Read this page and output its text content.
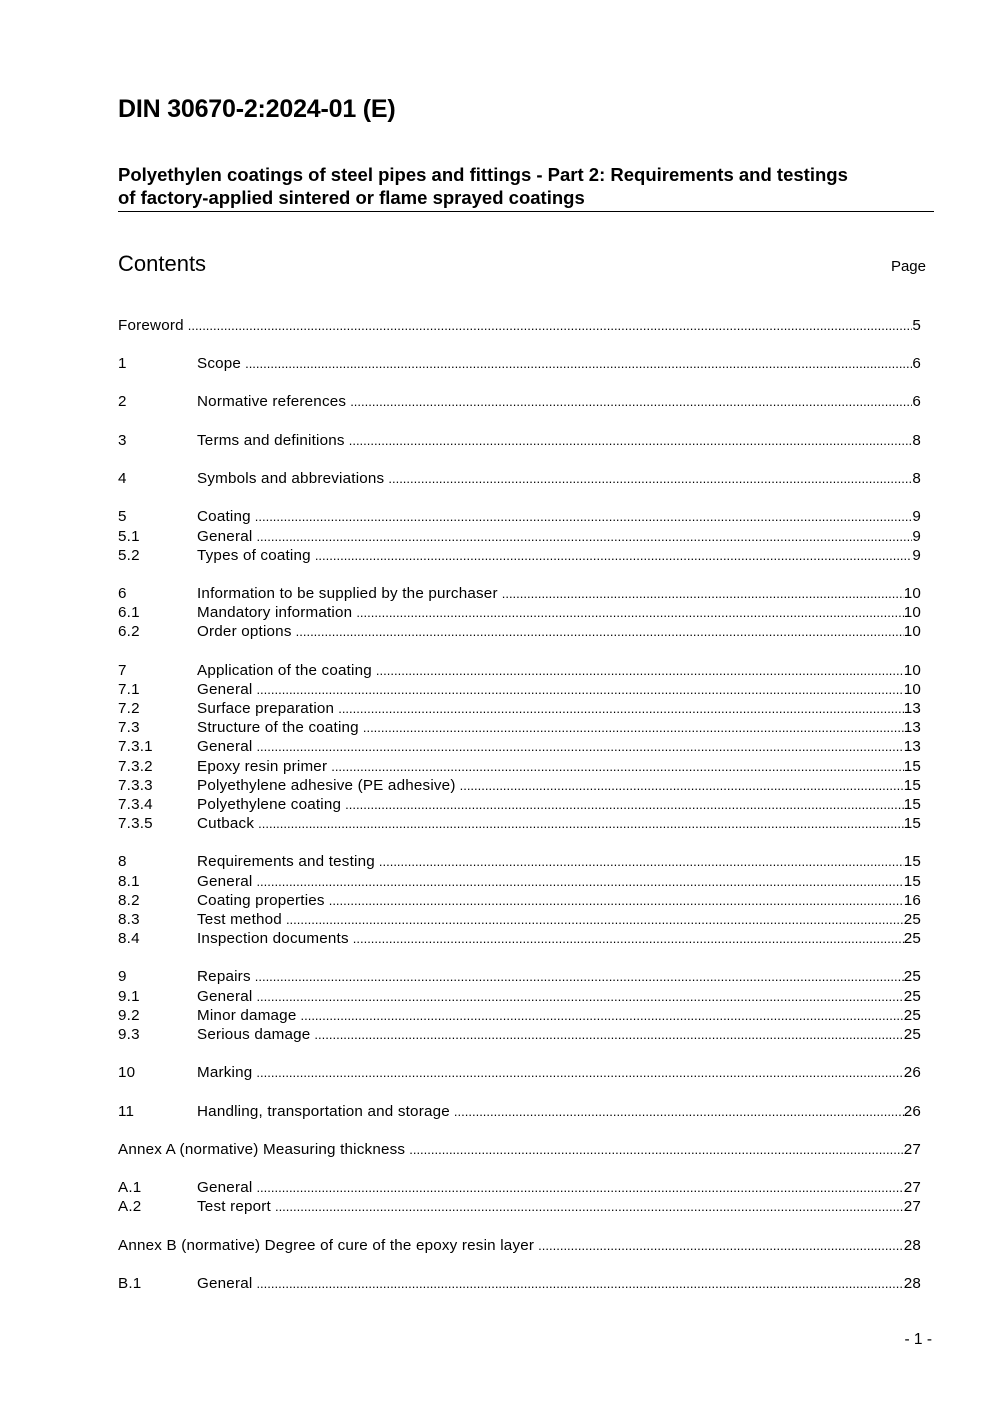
DIN 30670-2:2024-01 (E)
Polyethylen coatings of steel pipes and fittings - Part 2: Requirements and testings
of factory-applied sintered or flame sprayed coatings
Contents	Page
Foreword .....	5
1	Scope .....	6
2	Normative references .....	6
3	Terms and definitions .....	8
4	Symbols and abbreviations .....	8
5	Coating .....	9
5.1	General .....	9
5.2	Types of coating .....	9
6	Information to be supplied by the purchaser .....	10
6.1	Mandatory information .....	10
6.2	Order options .....	10
7	Application of the coating .....	10
7.1	General .....	10
7.2	Surface preparation .....	13
7.3	Structure of the coating .....	13
7.3.1	General .....	13
7.3.2	Epoxy resin primer .....	15
7.3.3	Polyethylene adhesive (PE adhesive) .....	15
7.3.4	Polyethylene coating .....	15
7.3.5	Cutback .....	15
8	Requirements and testing .....	15
8.1	General .....	15
8.2	Coating properties .....	16
8.3	Test method .....	25
8.4	Inspection documents .....	25
9	Repairs .....	25
9.1	General .....	25
9.2	Minor damage .....	25
9.3	Serious damage .....	25
10	Marking .....	26
11	Handling, transportation and storage .....	26
Annex A (normative) Measuring thickness .....	27
A.1	General .....	27
A.2	Test report .....	27
Annex B (normative) Degree of cure of the epoxy resin layer .....	28
B.1	General .....	28
- 1 -
